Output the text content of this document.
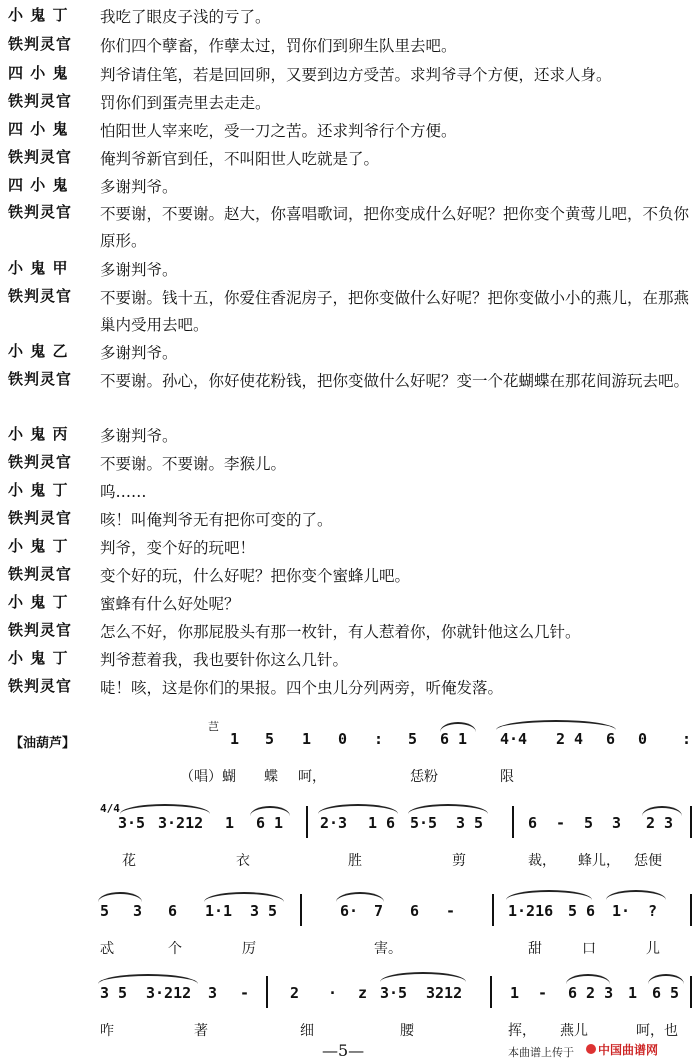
小 鬼 丁	我吃了眼皮子浅的亏了。
铁判灵官	你们四个孽畜，作孽太过，罚你们到卵生队里去吧。
四 小 鬼	判爷请住笔，若是回回卵，又要到边方受苦。求判爷寻个方便，还求人身。
铁判灵官	罚你们到蛋壳里去走走。
四 小 鬼	怕阳世人宰来吃，受一刀之苦。还求判爷行个方便。
铁判灵官	俺判爷新官到任，不叫阳世人吃就是了。
四 小 鬼	多谢判爷。
铁判灵官	不要谢，不要谢。赵大，你喜唱歌词，把你变成什么好呢？把你变个黄莺儿吧，不负你原形。
小 鬼 甲	多谢判爷。
铁判灵官	不要谢。钱十五，你爱住香泥房子，把你变做什么好呢？把你变做小小的燕儿，在那燕巢内受用去吧。
小 鬼 乙	多谢判爷。
铁判灵官	不要谢。孙心，你好使花粉钱，把你变做什么好呢？变一个花蝴蝶在那花间游玩去吧。
小 鬼 丙	多谢判爷。
铁判灵官	不要谢。不要谢。李猴儿。
小 鬼 丁	呜……
铁判灵官	咳！叫俺判爷无有把你可变的了。
小 鬼 丁	判爷，变个好的玩吧！
铁判灵官	变个好的玩，什么好呢？把你变个蜜蜂儿吧。
小 鬼 丁	蜜蜂有什么好处呢？
铁判灵官	怎么不好，你那屁股头有那一枚针，有人惹着你，你就针他这么几针。
小 鬼 丁	判爷惹着我，我也要针你这么几针。
铁判灵官	唗！咳，这是你们的果报。四个虫儿分列两旁，听俺发落。
【油葫芦】
芑
1 5 1 0 : 5 6 1 4·4 2 4 6 0 :
（唱）蝴 蝶 呵，	恁粉	限
4/4
3·5 3·212 1 6 1 2·3 1 6 5·5 3 5	6 - 5 3 2 3
花	衣	胜	剪	裁， 蜂儿， 恁便
5 3 6 1·1 3 5	6· 7 6 -	1·216 5 6 1· ?
忒	个	厉	害。	甜	口	儿
3 5 3·212 3 -	2 · z 3·5 3212	1 - 6 2 3 1 6 5
咋	著	细	腰	挥， 燕儿	呵，也
—5—	本曲谱上传于 中国曲谱网
